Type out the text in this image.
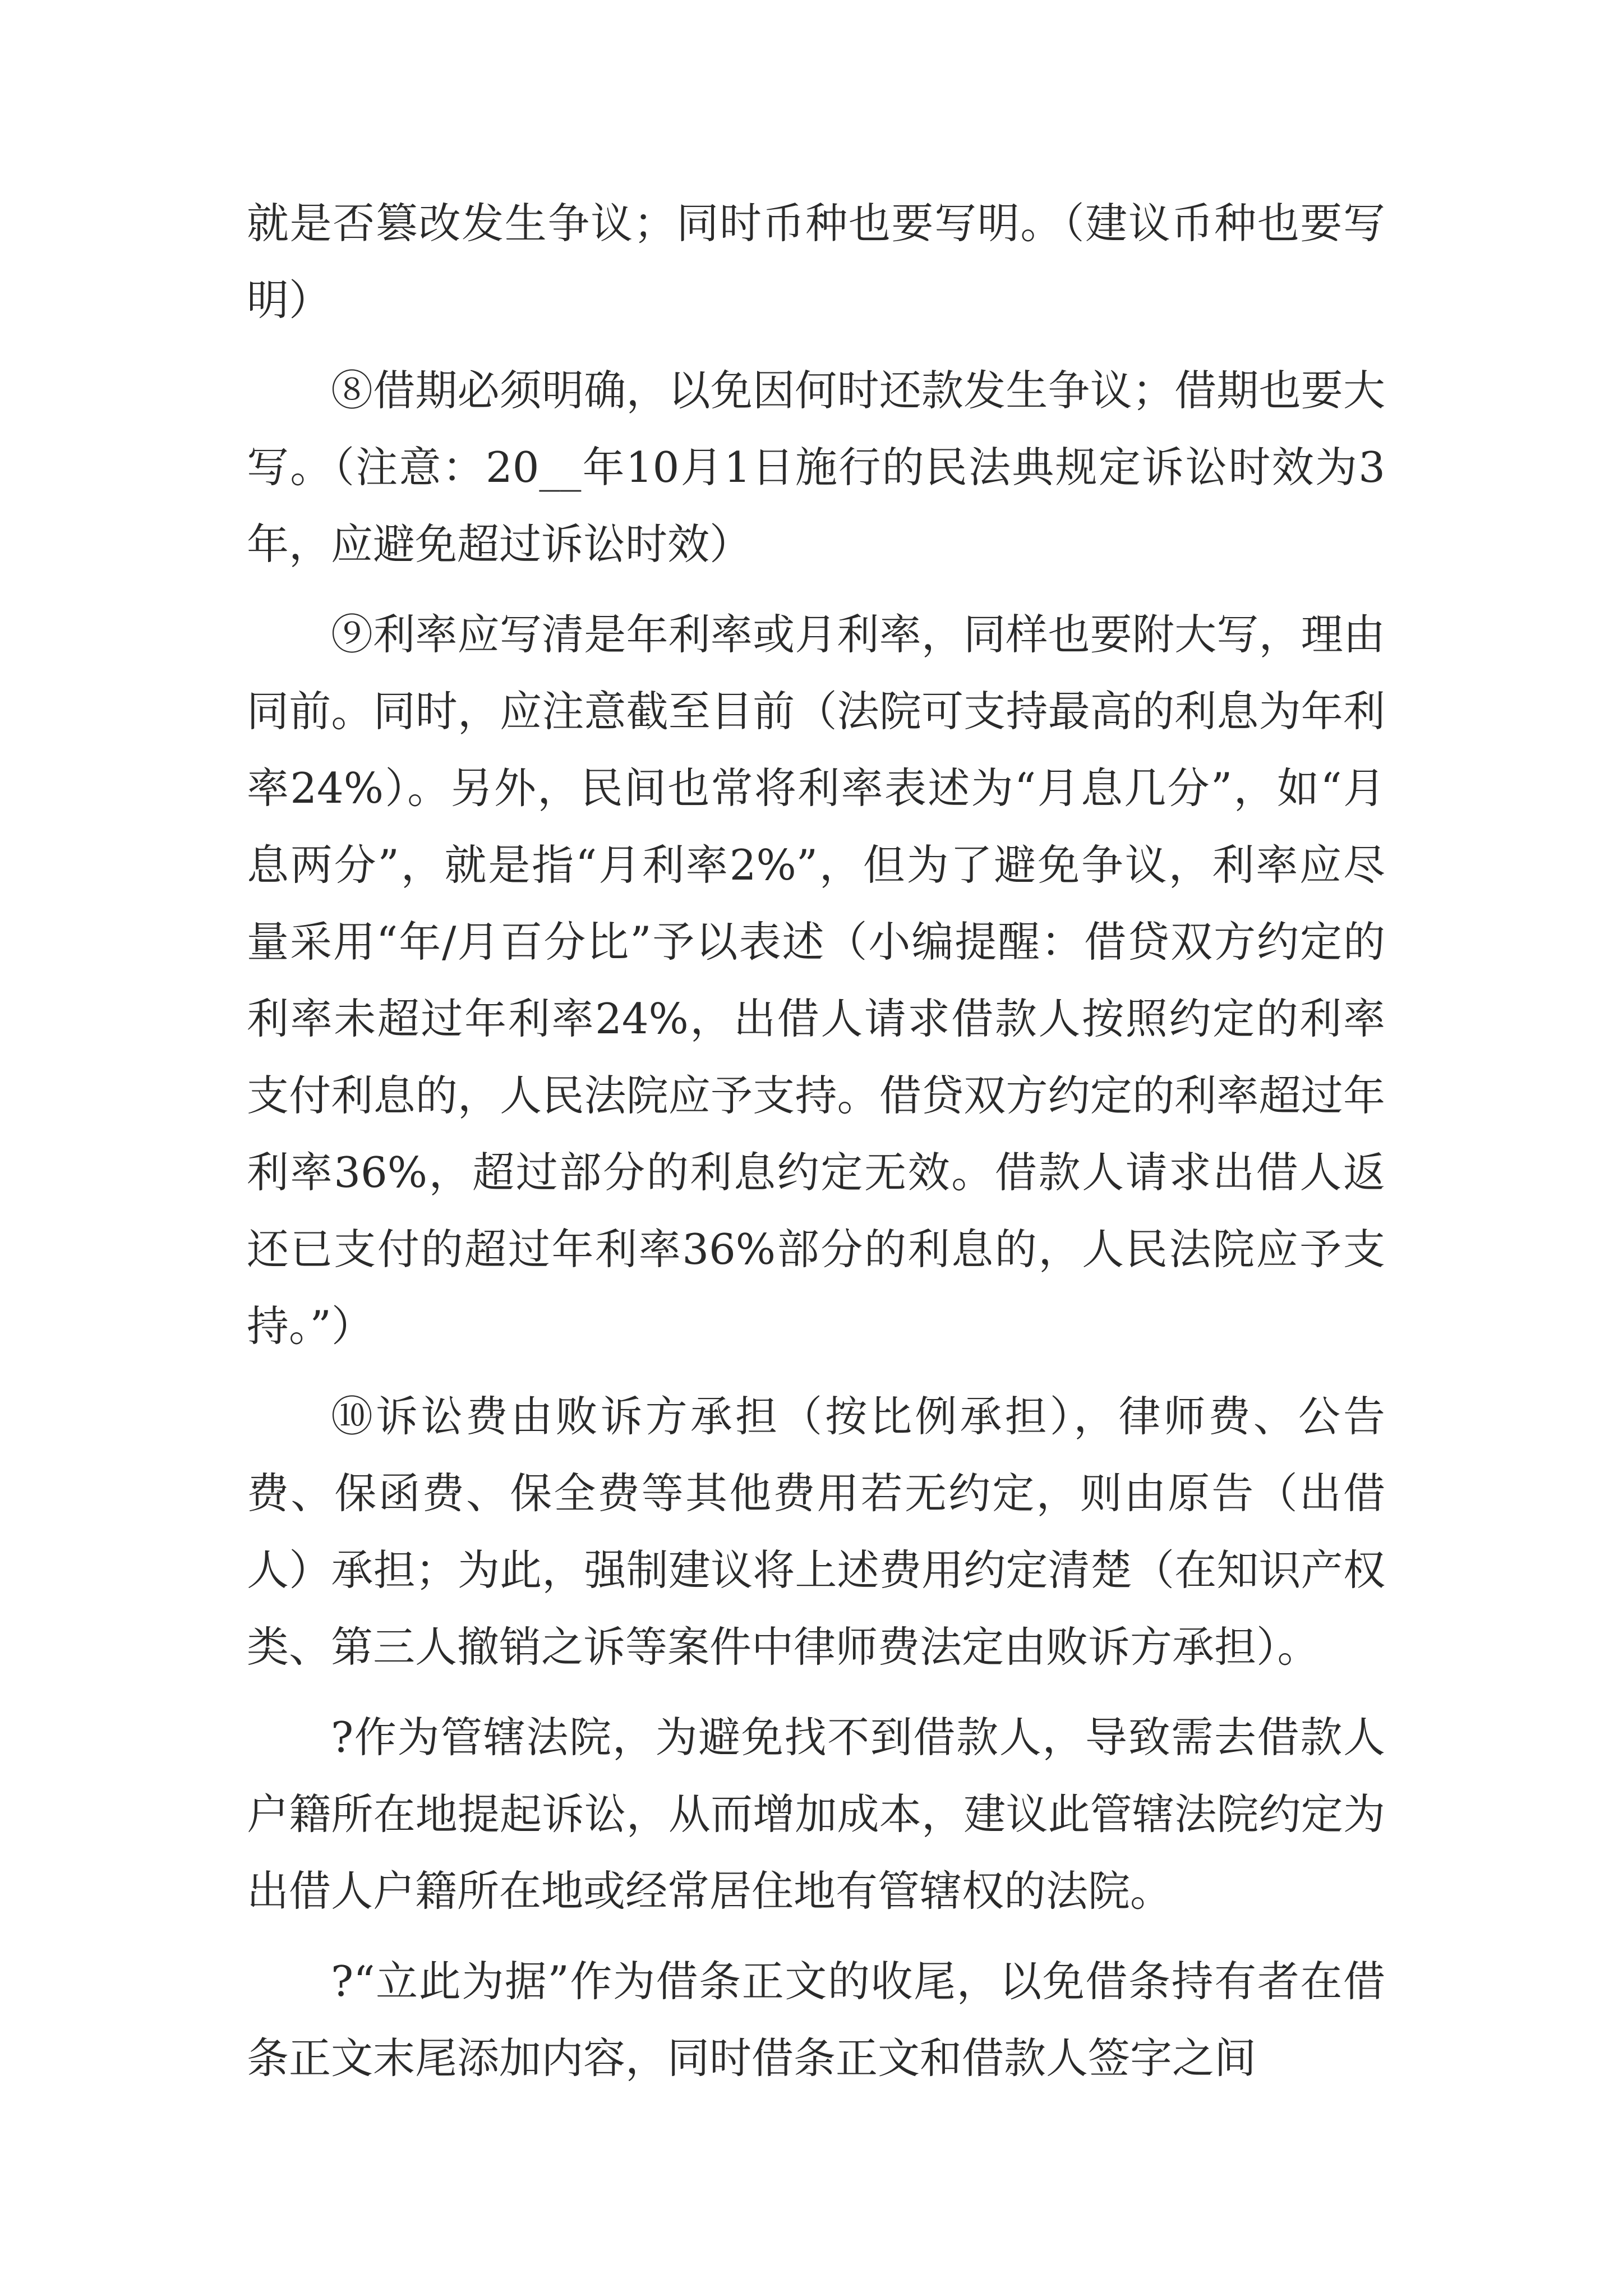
就是否篡改发生争议；同时币种也要写明。（建议币种也要写明）

⑧借期必须明确，以免因何时还款发生争议；借期也要大写。（注意：20__年10月1日施行的民法典规定诉讼时效为3年，应避免超过诉讼时效）

⑨利率应写清是年利率或月利率，同样也要附大写，理由同前。同时，应注意截至目前（法院可支持最高的利息为年利率24%）。另外，民间也常将利率表述为“月息几分”，如“月息两分”，就是指“月利率2%”，但为了避免争议，利率应尽量采用“年/月百分比”予以表述（小编提醒：借贷双方约定的利率未超过年利率24%，出借人请求借款人按照约定的利率支付利息的，人民法院应予支持。借贷双方约定的利率超过年利率36%，超过部分的利息约定无效。借款人请求出借人返还已支付的超过年利率36%部分的利息的，人民法院应予支持。”）

⑩诉讼费由败诉方承担（按比例承担），律师费、公告费、保函费、保全费等其他费用若无约定，则由原告（出借人）承担；为此，强制建议将上述费用约定清楚（在知识产权类、第三人撤销之诉等案件中律师费法定由败诉方承担）。

?作为管辖法院，为避免找不到借款人，导致需去借款人户籍所在地提起诉讼，从而增加成本，建议此管辖法院约定为出借人户籍所在地或经常居住地有管辖权的法院。

?“立此为据”作为借条正文的收尾，以免借条持有者在借条正文末尾添加内容，同时借条正文和借款人签字之间
